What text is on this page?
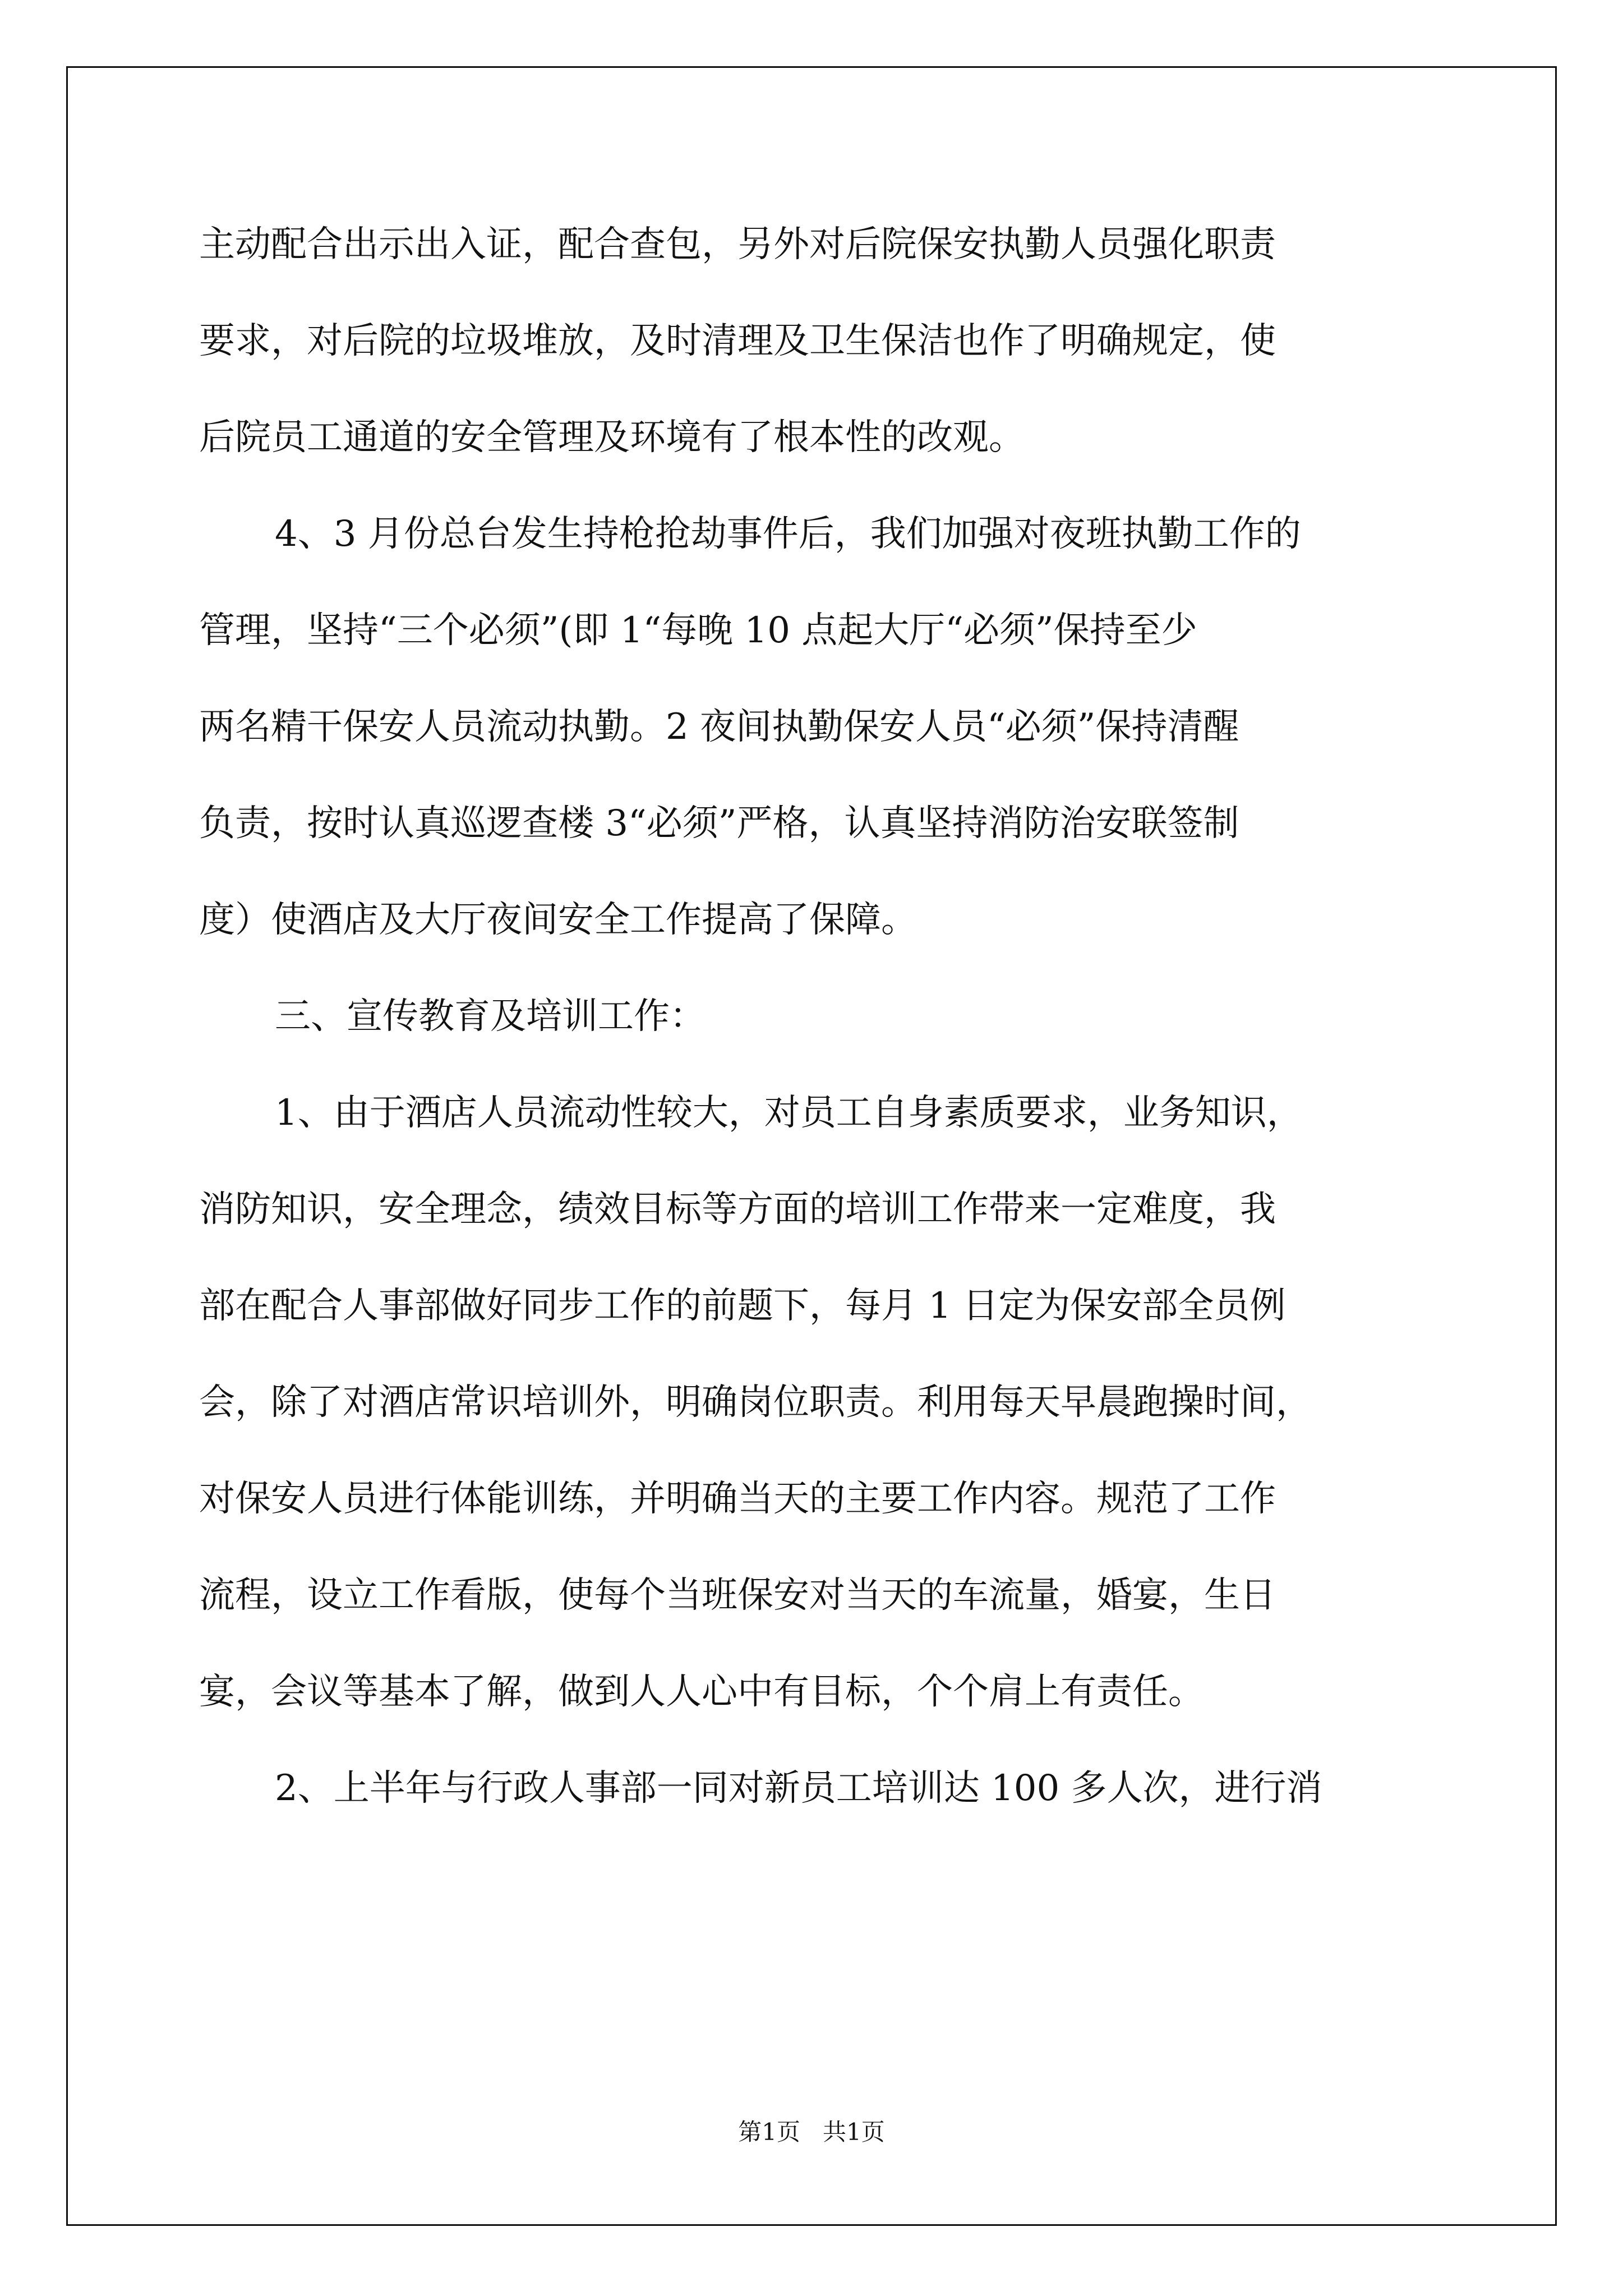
主动配合出示出入证，配合查包，另外对后院保安执勤人员强化职责
要求，对后院的垃圾堆放，及时清理及卫生保洁也作了明确规定，使
后院员工通道的安全管理及环境有了根本性的改观。
4、3 月份总台发生持枪抢劫事件后，我们加强对夜班执勤工作的
管理，坚持“三个必须”(即 1“每晚 10 点起大厅“必须”保持至少
两名精干保安人员流动执勤。2 夜间执勤保安人员“必须”保持清醒
负责，按时认真巡逻查楼 3“必须”严格，认真坚持消防治安联签制
度）使酒店及大厅夜间安全工作提高了保障。
三、宣传教育及培训工作：
1、由于酒店人员流动性较大，对员工自身素质要求，业务知识，
消防知识，安全理念，绩效目标等方面的培训工作带来一定难度，我
部在配合人事部做好同步工作的前题下，每月 1 日定为保安部全员例
会，除了对酒店常识培训外，明确岗位职责。利用每天早晨跑操时间，
对保安人员进行体能训练，并明确当天的主要工作内容。规范了工作
流程，设立工作看版，使每个当班保安对当天的车流量，婚宴，生日
宴，会议等基本了解，做到人人心中有目标，个个肩上有责任。
2、上半年与行政人事部一同对新员工培训达 100 多人次，进行消
第1页   共1页
